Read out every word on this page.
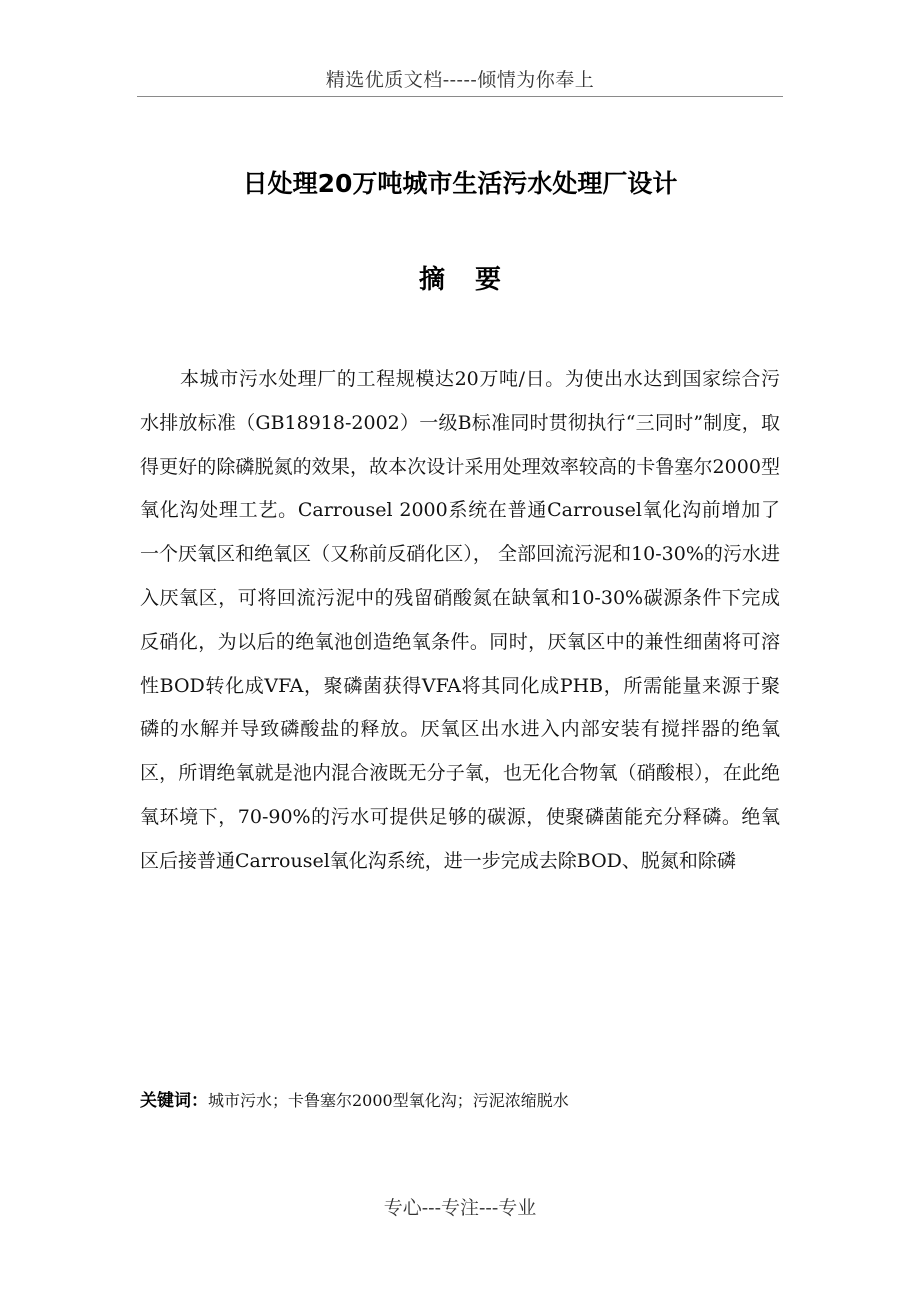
精选优质文档-----倾情为你奉上
日处理20万吨城市生活污水处理厂设计
摘要

本城市污水处理厂的工程规模达20万吨/日。为使出水达到国家综合污水排放标准（GB18918-2002）一级B标准同时贯彻执行“三同时”制度，取得更好的除磷脱氮的效果，故本次设计采用处理效率较高的卡鲁塞尔2000型氧化沟处理工艺。Carrousel 2000系统在普通Carrousel氧化沟前增加了一个厌氧区和绝氧区（又称前反硝化区）， 全部回流污泥和10-30%的污水进入厌氧区，可将回流污泥中的残留硝酸氮在缺氧和10-30%碳源条件下完成反硝化，为以后的绝氧池创造绝氧条件。同时，厌氧区中的兼性细菌将可溶性BOD转化成VFA，聚磷菌获得VFA将其同化成PHB，所需能量来源于聚磷的水解并导致磷酸盐的释放。厌氧区出水进入内部安装有搅拌器的绝氧区，所谓绝氧就是池内混合液既无分子氧，也无化合物氧（硝酸根），在此绝氧环境下，70-90%的污水可提供足够的碳源，使聚磷菌能充分释磷。绝氧区后接普通Carrousel氧化沟系统，进一步完成去除BOD、脱氮和除磷

关键词：城市污水；卡鲁塞尔2000型氧化沟；污泥浓缩脱水
专心---专注---专业
